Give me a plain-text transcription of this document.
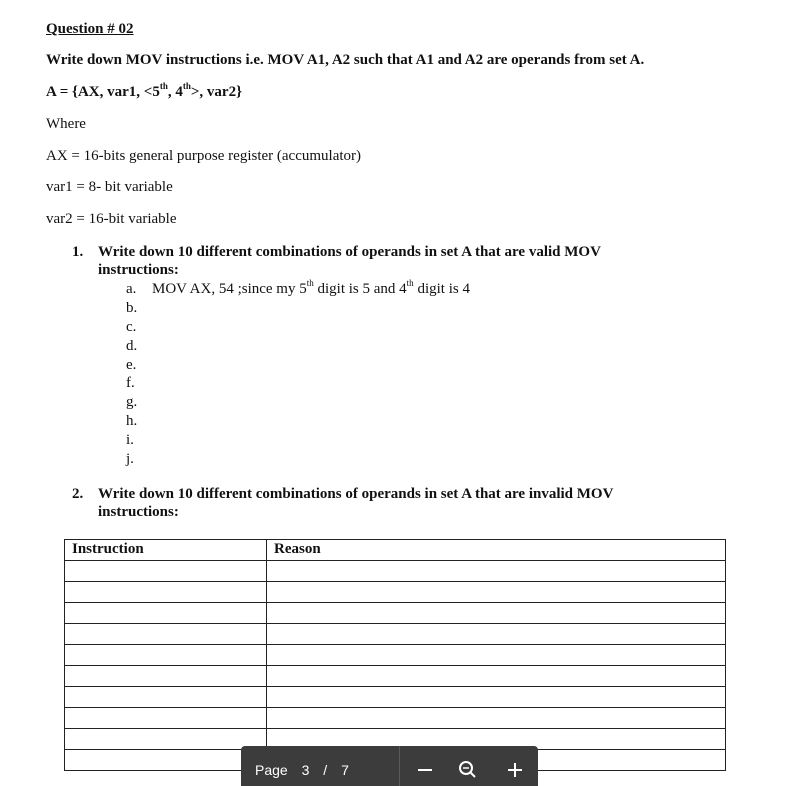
Question # 02
Write down MOV instructions i.e. MOV A1, A2 such that A1 and A2 are operands from set A.
A = {AX, var1, <5th, 4th>, var2}
Where
AX = 16-bits general purpose register (accumulator)
var1 = 8- bit variable
var2 = 16-bit variable
1. Write down 10 different combinations of operands in set A that are valid MOV instructions:
a. MOV AX, 54 ;since my 5th digit is 5 and 4th digit is 4
b.
c.
d.
e.
f.
g.
h.
i.
j.
2. Write down 10 different combinations of operands in set A that are invalid MOV instructions:
Instruction	Reason

Page 3 / 7
